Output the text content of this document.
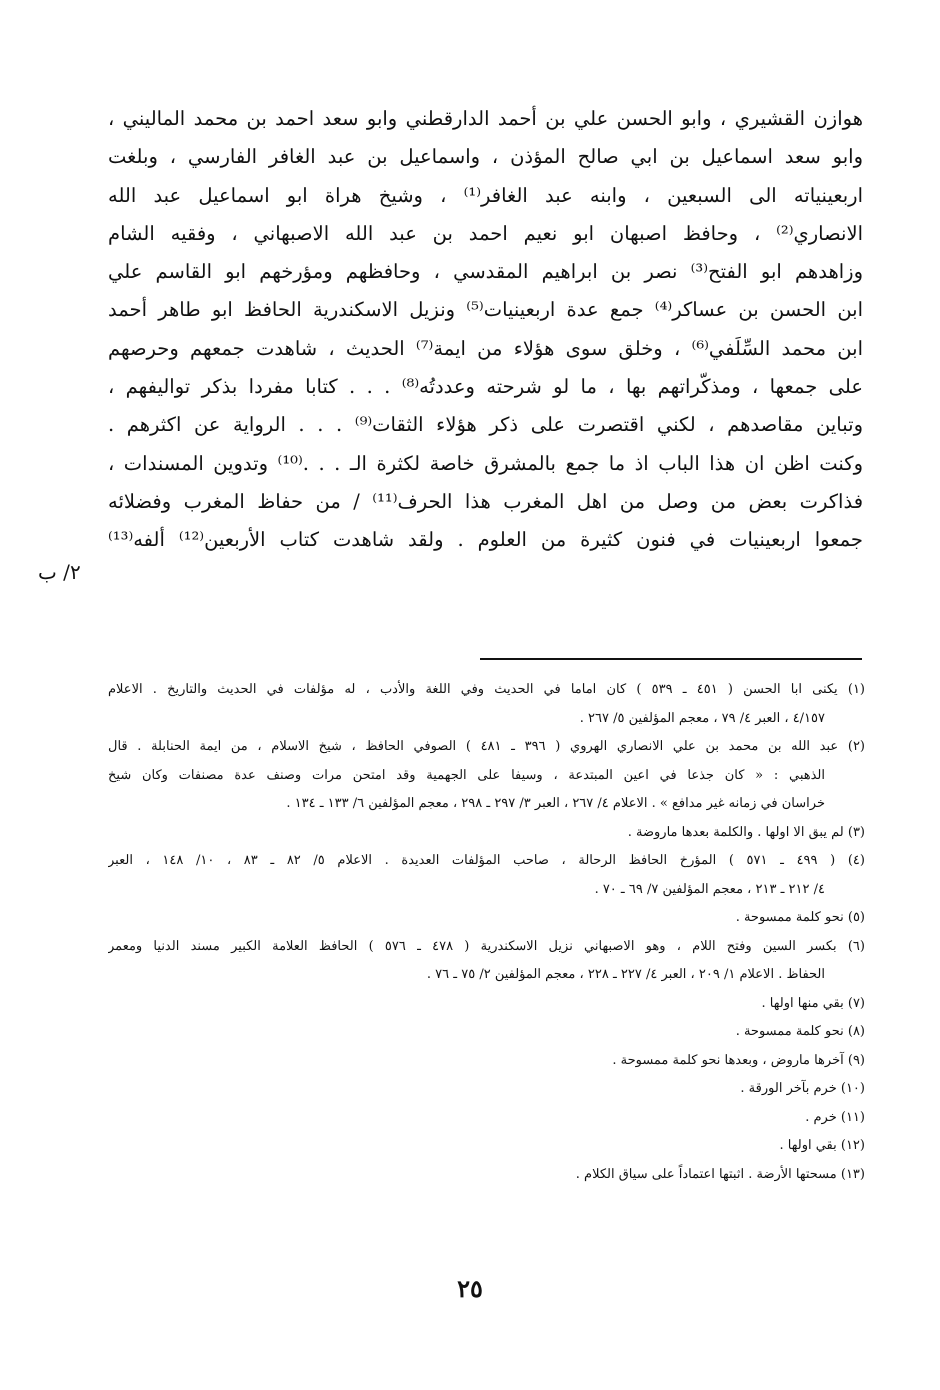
هوازن القشيري ، وابو الحسن علي بن أحمد الدارقطني وابو سعد احمد بن محمد الماليني ،
وابو سعد اسماعيل بن ابي صالح المؤذن ، واسماعيل بن عبد الغافر الفارسي ، وبلغت
اربعينياته الى السبعين ، وابنه عبد الغافر⁽¹⁾ ، وشيخ هراة ابو اسماعيل عبد الله
الانصاري⁽²⁾ ، وحافظ اصبهان ابو نعيم احمد بن عبد الله الاصبهاني ، وفقيه الشام
وزاهدهم ابو الفتح⁽³⁾ نصر بن ابراهيم المقدسي ، وحافظهم ومؤرخهم ابو القاسم علي
ابن الحسن بن عساكر⁽⁴⁾ جمع عدة اربعينيات⁽⁵⁾ ونزيل الاسكندرية الحافظ ابو طاهر أحمد
ابن محمد السِّلَفي⁽⁶⁾ ، وخلق سوى هؤلاء من ايمة⁽⁷⁾ الحديث ، شاهدت جمعهم وحرصهم
على جمعها ، ومذكّراتهم بها ، ما لو شرحته وعددتُه⁽⁸⁾ . . . كتابا مفردا بذكر تواليفهم ،
وتباين مقاصدهم ، لكني اقتصرت على ذكر هؤلاء الثقات⁽⁹⁾ . . . الرواية عن اكثرهم .
وكنت اظن ان هذا الباب اذ ما جمع بالمشرق خاصة لكثرة الـ . . .⁽¹⁰⁾ وتدوين المسندات ،
فذاكرت بعض من وصل من اهل المغرب هذا الحرف⁽¹¹⁾ / من حفاظ المغرب وفضلائه
جمعوا اربعينيات في فنون كثيرة من العلوم . ولقد شاهدت كتاب الأربعين⁽¹²⁾ ألفه⁽¹³⁾
٢/ ب
(١) يكنى ابا الحسن ( ٤٥١ ـ ٥٣٩ ) كان اماما في الحديث وفي اللغة والأدب ، له مؤلفات في الحديث والتاريخ . الاعلام
٤/١٥٧ ، العبر ٤/ ٧٩ ، معجم المؤلفين ٥/ ٢٦٧ .
(٢) عبد الله بن محمد بن علي الانصاري الهروي ( ٣٩٦ ـ ٤٨١ ) الصوفي الحافظ ، شيخ الاسلام ، من ايمة الحنابلة . قال
الذهبي : « كان جذعا في اعين المبتدعة ، وسيفا على الجهمية وقد امتحن مرات وصنف عدة مصنفات وكان شيخ
خراسان في زمانه غير مدافع » . الاعلام ٤/ ٢٦٧ ، العبر ٣/ ٢٩٧ ـ ٢٩٨ ، معجم المؤلفين ٦/ ١٣٣ ـ ١٣٤ .
(٣) لم يبق الا اولها . والكلمة بعدها ماروضة .
(٤) ( ٤٩٩ ـ ٥٧١ ) المؤرخ الحافظ الرحالة ، صاحب المؤلفات العديدة . الاعلام ٥/ ٨٢ ـ ٨٣ ، ١٠/ ١٤٨ ، العبر
٤/ ٢١٢ ـ ٢١٣ ، معجم المؤلفين ٧/ ٦٩ ـ ٧٠ .
(٥) نحو كلمة ممسوحة .
(٦) بكسر السين وفتح اللام ، وهو الاصبهاني نزيل الاسكندرية ( ٤٧٨ ـ ٥٧٦ ) الحافظ العلامة الكبير مسند الدنيا ومعمر
الحفاظ . الاعلام ١/ ٢٠٩ ، العبر ٤/ ٢٢٧ ـ ٢٢٨ ، معجم المؤلفين ٢/ ٧٥ ـ ٧٦ .
(٧) بقي منها اولها .
(٨) نحو كلمة ممسوحة .
(٩) آخرها ماروض ، وبعدها نحو كلمة ممسوحة .
(١٠) خرم بآخر الورقة .
(١١) خرم .
(١٢) بقي اولها .
(١٣) مسحتها الأرضة . اثبتها اعتماداً على سياق الكلام .
٢٥
